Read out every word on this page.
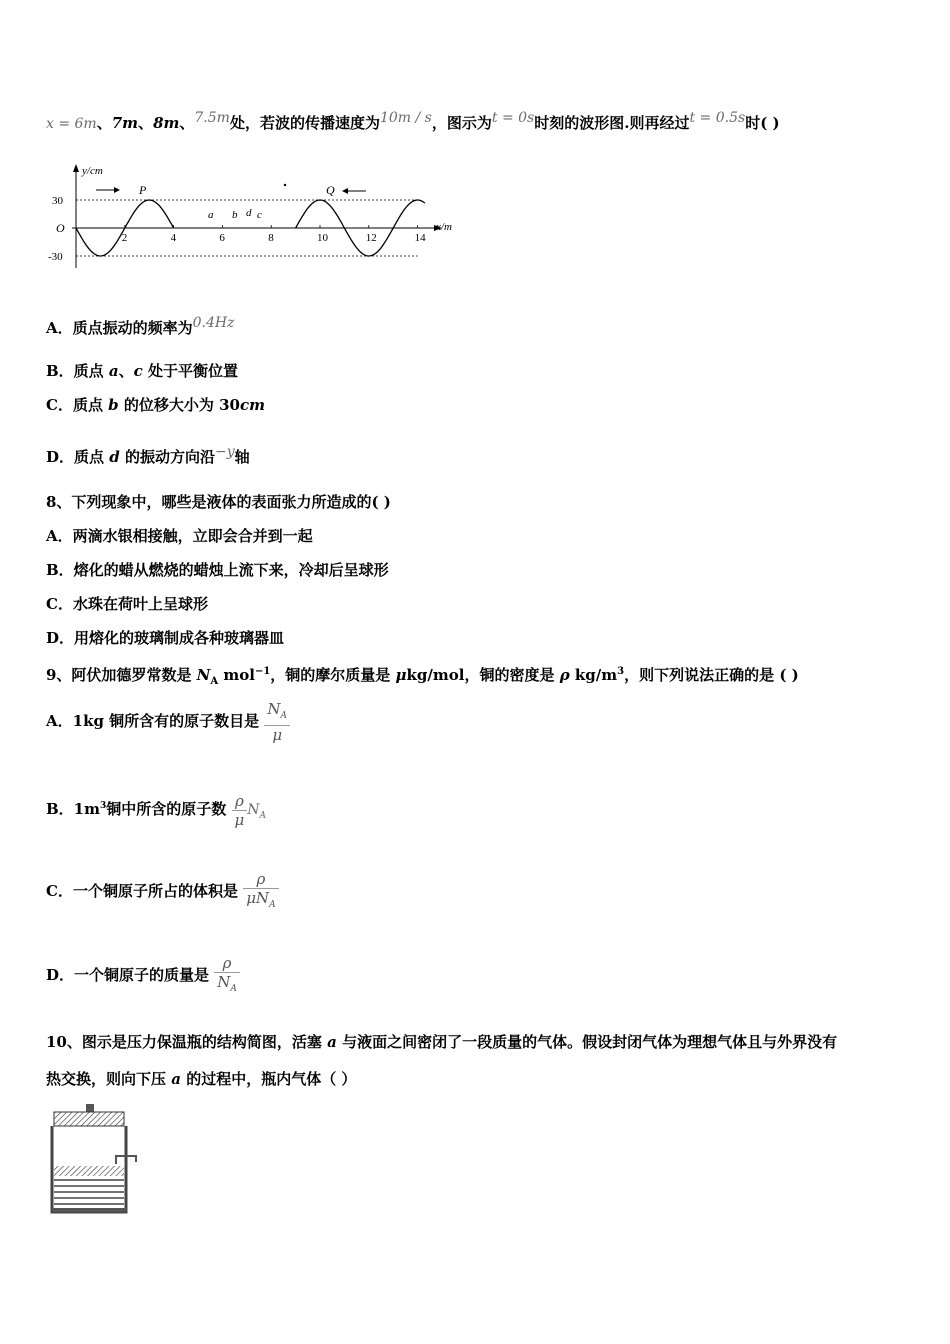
𝑥 = 6𝑚、7m、8m、7.5𝑚处，若波的传播速度为10𝑚 / 𝑠，图示为𝑡 = 0𝑠时刻的波形图.则再经过𝑡 = 0.5𝑠时( )
2	4	6	8	10	12	14
30
-30
y/cm
x/m
O
P	Q
a b d c
A．质点振动的频率为0.4𝐻𝑧
B．质点 a、c 处于平衡位置
C．质点 b 的位移大小为 30cm
D．质点 d 的振动方向沿−𝑦轴
8、下列现象中，哪些是液体的表面张力所造成的( )
A．两滴水银相接触，立即会合并到一起
B．熔化的蜡从燃烧的蜡烛上流下来，冷却后呈球形
C．水珠在荷叶上呈球形
D．用熔化的玻璃制成各种玻璃器皿
9、阿伏加德罗常数是 $N_A$ mol$^{-1}$，铜的摩尔质量是 μkg/mol，铜的密度是 ρ $kg/m^3$，则下列说法正确的是 ( )
A．1kg 铜所含有的原子数目是 $\frac{N_A}{\mu}$
B．$1m^3$铜中所含的原子数 $\frac{\rho}{\mu} N_A$
C．一个铜原子所占的体积是 $\frac{\rho}{\mu N_A}$
D．一个铜原子的质量是 $\frac{\rho}{N_A}$
10、图示是压力保温瓶的结构简图，活塞 a 与液面之间密闭了一段质量的气体。假设封闭气体为理想气体且与外界没有
热交换，则向下压 a 的过程中，瓶内气体（ ）
